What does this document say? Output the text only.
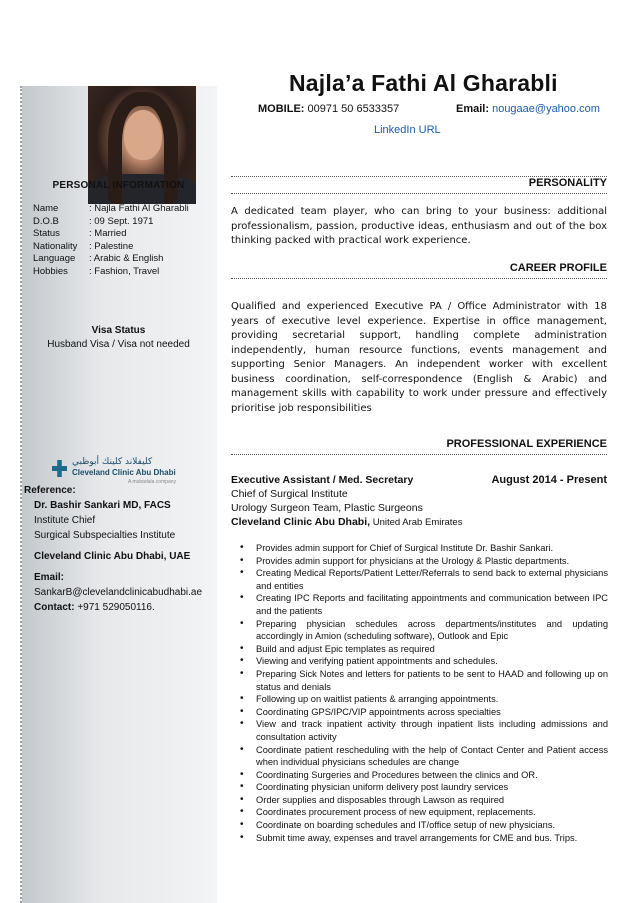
PERSONAL INFORMATION
Name	: Najla Fathi Al Gharabli
D.O.B	: 09 Sept. 1971
Status	: Married
Nationality	: Palestine
Language	: Arabic & English
Hobbies	: Fashion, Travel
Visa Status
Husband Visa / Visa not needed
كليفلاند كلينك أبوظبي
Cleveland Clinic Abu Dhabi
A mubadala company
Reference:
Dr. Bashir Sankari MD, FACS
Institute Chief
Surgical Subspecialties Institute
Cleveland Clinic Abu Dhabi, UAE
Email:
SankarB@clevelandclinicabudhabi.ae
Contact: +971 529050116.
Najla’a Fathi Al Gharabli
MOBILE: 00971 50 6533357	Email: nougaae@yahoo.com
LinkedIn URL
PERSONALITY
A dedicated team player, who can bring to your business: additional professionalism, passion, productive ideas, enthusiasm and out of the box thinking packed with practical work experience.
CAREER PROFILE
Qualified and experienced Executive PA / Office Administrator with 18 years of executive level experience. Expertise in office management, providing secretarial support, handling complete administration independently, human resource functions, events management and supporting Senior Managers. An independent worker with excellent business coordination, self-correspondence (English & Arabic) and management skills with capability to work under pressure and effectively prioritise job responsibilities
PROFESSIONAL EXPERIENCE
Executive Assistant / Med. Secretary	August 2014 - Present
Chief of Surgical Institute
Urology Surgeon Team, Plastic Surgeons
Cleveland Clinic Abu Dhabi, United Arab Emirates
• Provides admin support for Chief of Surgical Institute Dr. Bashir Sankari.
• Provides admin support for physicians at the Urology & Plastic departments.
• Creating Medical Reports/Patient Letter/Referrals to send back to external physicians and entities
• Creating IPC Reports and facilitating appointments and communication between IPC and the patients
• Preparing physician schedules across departments/institutes and updating accordingly in Amion (scheduling software), Outlook and Epic
• Build and adjust Epic templates as required
• Viewing and verifying patient appointments and schedules.
• Preparing Sick Notes and letters for patients to be sent to HAAD and following up on status and denials
• Following up on waitlist patients & arranging appointments.
• Coordinating GPS/IPC/VIP appointments across specialties
• View and track inpatient activity through inpatient lists including admissions and consultation activity
• Coordinate patient rescheduling with the help of Contact Center and Patient access when individual physicians schedules are change
• Coordinating Surgeries and Procedures between the clinics and OR.
• Coordinating physician uniform delivery post laundry services
• Order supplies and disposables through Lawson as required
• Coordinates procurement process of new equipment, replacements.
• Coordinate on boarding schedules and IT/office setup of new physicians.
• Submit time away, expenses and travel arrangements for CME and bus. Trips.
